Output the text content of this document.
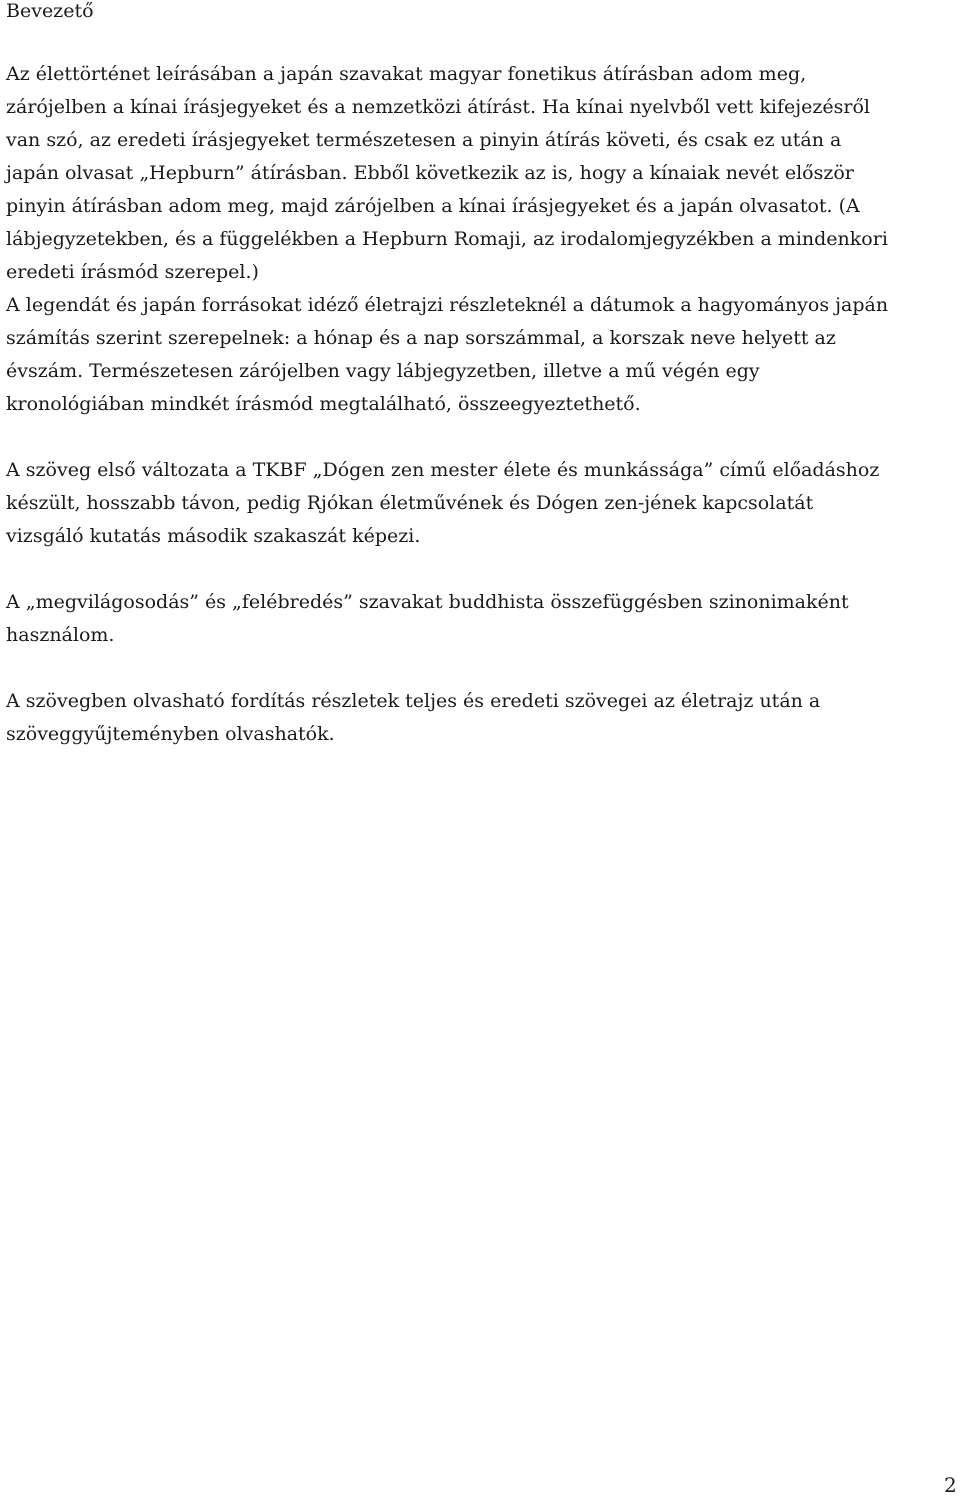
Bevezető

Az élettörténet leírásában a japán szavakat magyar fonetikus átírásban adom meg,
zárójelben a kínai írásjegyeket és a nemzetközi átírást. Ha kínai nyelvből vett kifejezésről
van szó, az eredeti írásjegyeket természetesen a pinyin átírás követi, és csak ez után a
japán olvasat „Hepburn” átírásban. Ebből következik az is, hogy a kínaiak nevét először
pinyin átírásban adom meg, majd zárójelben a kínai írásjegyeket és a japán olvasatot. (A
lábjegyzetekben, és a függelékben a Hepburn Romaji, az irodalomjegyzékben a mindenkori
eredeti írásmód szerepel.)

A legendát és japán forrásokat idéző életrajzi részleteknél a dátumok a hagyományos japán
számítás szerint szerepelnek: a hónap és a nap sorszámmal, a korszak neve helyett az
évszám. Természetesen zárójelben vagy lábjegyzetben, illetve a mű végén egy
kronológiában mindkét írásmód megtalálható, összeegyeztethető.

A szöveg első változata a TKBF „Dógen zen mester élete és munkássága” című előadáshoz
készült, hosszabb távon, pedig Rjókan életművének és Dógen zen-jének kapcsolatát
vizsgáló kutatás második szakaszát képezi.

A „megvilágosodás” és „felébredés” szavakat buddhista összefüggésben szinonimaként
használom.

A szövegben olvasható fordítás részletek teljes és eredeti szövegei az életrajz után a
szöveggyűjteményben olvashatók.

2
